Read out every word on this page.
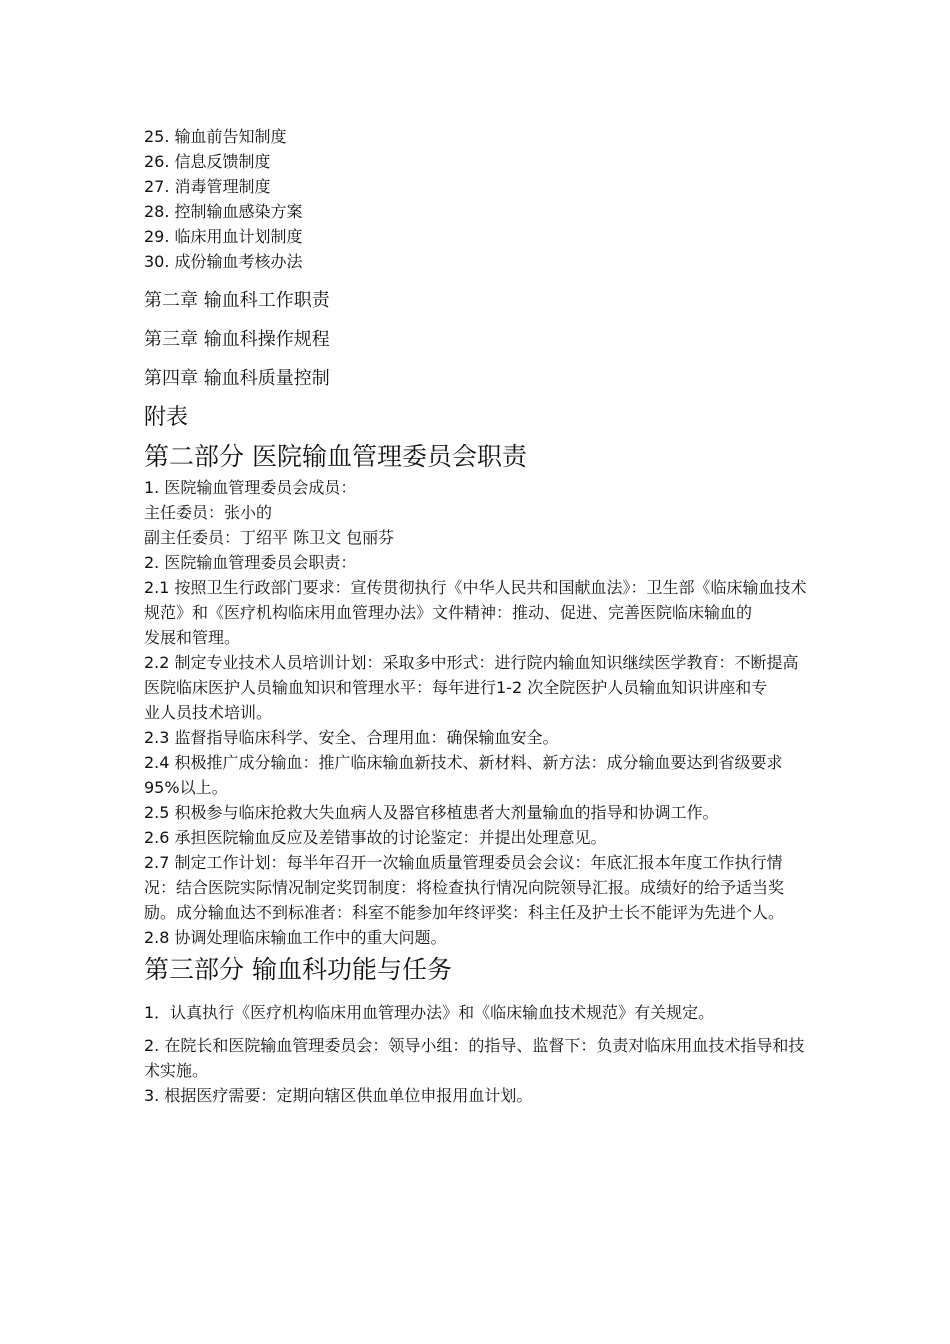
25. 输血前告知制度
26. 信息反馈制度
27. 消毒管理制度
28. 控制输血感染方案
29. 临床用血计划制度
30. 成份输血考核办法
第二章 输血科工作职责
第三章 输血科操作规程
第四章 输血科质量控制
附表
第二部分 医院输血管理委员会职责
1. 医院输血管理委员会成员：
主任委员：张小的
副主任委员：丁绍平 陈卫文 包丽芬
2. 医院输血管理委员会职责：
2.1 按照卫生行政部门要求：宣传贯彻执行《中华人民共和国献血法》：卫生部《临床输血技术规范》和《医疗机构临床用血管理办法》文件精神：推动、促进、完善医院临床输血的
发展和管理。
2.2 制定专业技术人员培训计划：采取多中形式：进行院内输血知识继续医学教育：不断提高医院临床医护人员输血知识和管理水平：每年进行1-2 次全院医护人员输血知识讲座和专
业人员技术培训。
2.3 监督指导临床科学、安全、合理用血：确保输血安全。
2.4 积极推广成分输血：推广临床输血新技术、新材料、新方法：成分输血要达到省级要求95%以上。
2.5 积极参与临床抢救大失血病人及器官移植患者大剂量输血的指导和协调工作。
2.6 承担医院输血反应及差错事故的讨论鉴定：并提出处理意见。
2.7 制定工作计划：每半年召开一次输血质量管理委员会会议：年底汇报本年度工作执行情况：结合医院实际情况制定奖罚制度：将检查执行情况向院领导汇报。成绩好的给予适当奖励。成分输血达不到标准者：科室不能参加年终评奖：科主任及护士长不能评为先进个人。
2.8 协调处理临床输血工作中的重大问题。
第三部分 输血科功能与任务
1．认真执行《医疗机构临床用血管理办法》和《临床输血技术规范》有关规定。
2. 在院长和医院输血管理委员会：领导小组：的指导、监督下：负责对临床用血技术指导和技术实施。
3. 根据医疗需要：定期向辖区供血单位申报用血计划。
